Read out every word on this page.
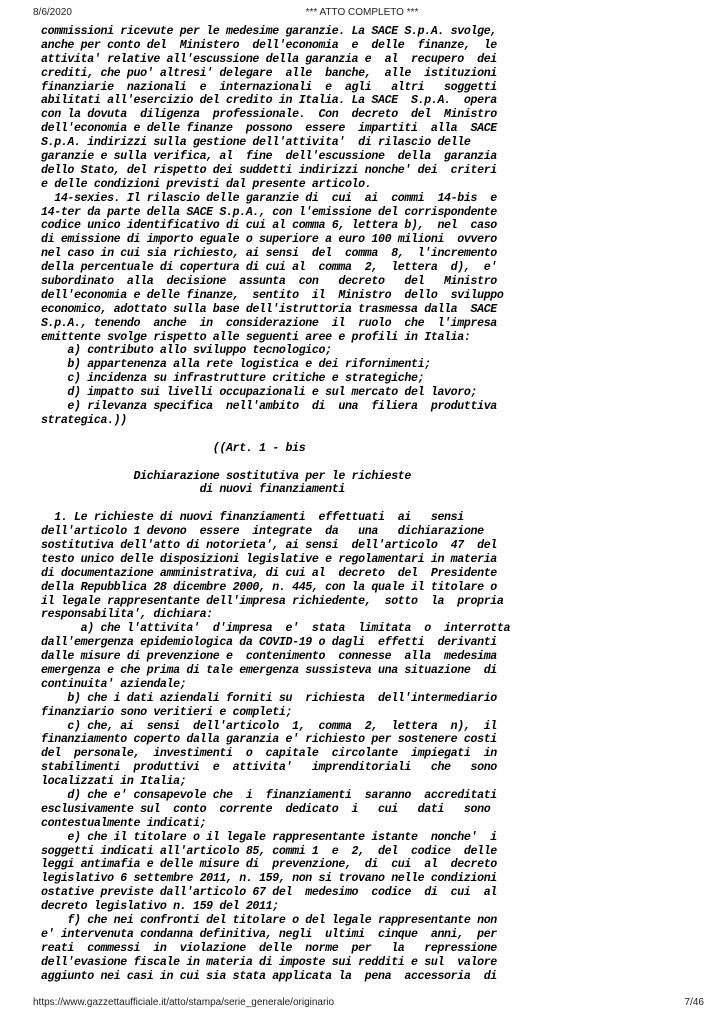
8/6/2020	*** ATTO COMPLETO ***
commissioni ricevute per le medesime garanzie. La SACE S.p.A. svolge,
anche per conto del  Ministero  dell'economia  e  delle  finanze,  le
attivita' relative all'escussione della garanzia e  al  recupero  dei
crediti, che puo' altresi' delegare  alle  banche,  alle  istituzioni
finanziarie  nazionali  e  internazionali  e  agli   altri   soggetti
abilitati all'esercizio del credito in Italia. La SACE  S.p.A.  opera
con la dovuta  diligenza  professionale.  Con  decreto  del  Ministro
dell'economia e delle finanze  possono  essere  impartiti  alla  SACE
S.p.A. indirizzi sulla gestione dell'attivita'  di rilascio delle
garanzie e sulla verifica, al  fine  dell'escussione  della  garanzia
dello Stato, del rispetto dei suddetti indirizzi nonche' dei  criteri
e delle condizioni previsti dal presente articolo.
14-sexies. Il rilascio delle garanzie di  cui  ai  commi  14-bis  e
14-ter da parte della SACE S.p.A., con l'emissione del corrispondente
codice unico identificativo di cui al comma 6, lettera b),  nel  caso
di emissione di importo eguale o superiore a euro 100 milioni  ovvero
nel caso in cui sia richiesto, ai sensi  del  comma  8,  l'incremento
della percentuale di copertura di cui al  comma  2,  lettera  d),  e'
subordinato  alla  decisione  assunta  con   decreto   del   Ministro
dell'economia e delle finanze,  sentito  il  Ministro  dello  sviluppo
economico, adottato sulla base dell'istruttoria trasmessa dalla  SACE
S.p.A., tenendo  anche  in  considerazione  il  ruolo  che  l'impresa
emittente svolge rispetto alle seguenti aree e profili in Italia:
a) contributo allo sviluppo tecnologico;
b) appartenenza alla rete logistica e dei rifornimenti;
c) incidenza su infrastrutture critiche e strategiche;
d) impatto sui livelli occupazionali e sul mercato del lavoro;
e) rilevanza specifica  nell'ambito  di  una  filiera  produttiva
strategica.))
((Art. 1 - bis
Dichiarazione sostitutiva per le richieste
di nuovi finanziamenti
1. Le richieste di nuovi finanziamenti  effettuati  ai   sensi
dell'articolo 1 devono  essere  integrate  da   una   dichiarazione
sostitutiva dell'atto di notorieta', ai sensi  dell'articolo  47  del
testo unico delle disposizioni legislative e regolamentari in materia
di documentazione amministrativa, di cui al  decreto  del  Presidente
della Repubblica 28 dicembre 2000, n. 445, con la quale il titolare o
il legale rappresentante dell'impresa richiedente,  sotto  la  propria
responsabilita', dichiara:
a) che l'attivita'  d'impresa  e'  stata  limitata  o  interrotta
dall'emergenza epidemiologica da COVID-19 o dagli  effetti  derivanti
dalle misure di prevenzione e  contenimento  connesse  alla  medesima
emergenza e che prima di tale emergenza sussisteva una situazione  di
continuita' aziendale;
b) che i dati aziendali forniti su  richiesta  dell'intermediario
finanziario sono veritieri e completi;
c) che, ai  sensi  dell'articolo  1,  comma  2,  lettera  n),  il
finanziamento coperto dalla garanzia e' richiesto per sostenere costi
del  personale,  investimenti  o  capitale  circolante  impiegati  in
stabilimenti  produttivi  e  attivita'   imprenditoriali   che   sono
localizzati in Italia;
d) che e' consapevole che  i  finanziamenti  saranno  accreditati
esclusivamente sul  conto  corrente  dedicato  i   cui   dati   sono
contestualmente indicati;
e) che il titolare o il legale rappresentante istante  nonche'  i
soggetti indicati all'articolo 85, commi 1  e  2,  del  codice  delle
leggi antimafia e delle misure di  prevenzione,  di  cui  al  decreto
legislativo 6 settembre 2011, n. 159, non si trovano nelle condizioni
ostative previste dall'articolo 67 del  medesimo  codice  di  cui  al
decreto legislativo n. 159 del 2011;
f) che nei confronti del titolare o del legale rappresentante non
e' intervenuta condanna definitiva, negli  ultimi  cinque  anni,  per
reati  commessi  in  violazione  delle  norme  per   la   repressione
dell'evasione fiscale in materia di imposte sui redditi e sul  valore
aggiunto nei casi in cui sia stata applicata la  pena  accessoria  di
https://www.gazzettaufficiale.it/atto/stampa/serie_generale/originario	7/46
